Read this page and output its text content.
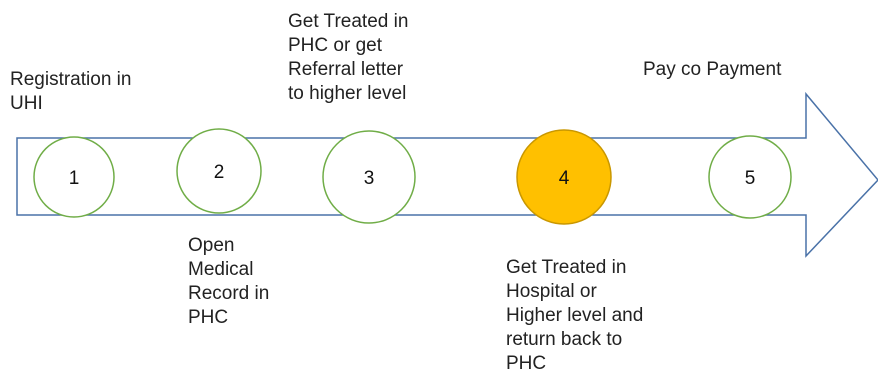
1	2	3	4	5
Registration in
UHI
Open
Medical
Record in
PHC
Get Treated in
PHC or get
Referral letter
to higher level
Get Treated in
Hospital or
Higher level and
return back to
PHC
Pay co Payment
